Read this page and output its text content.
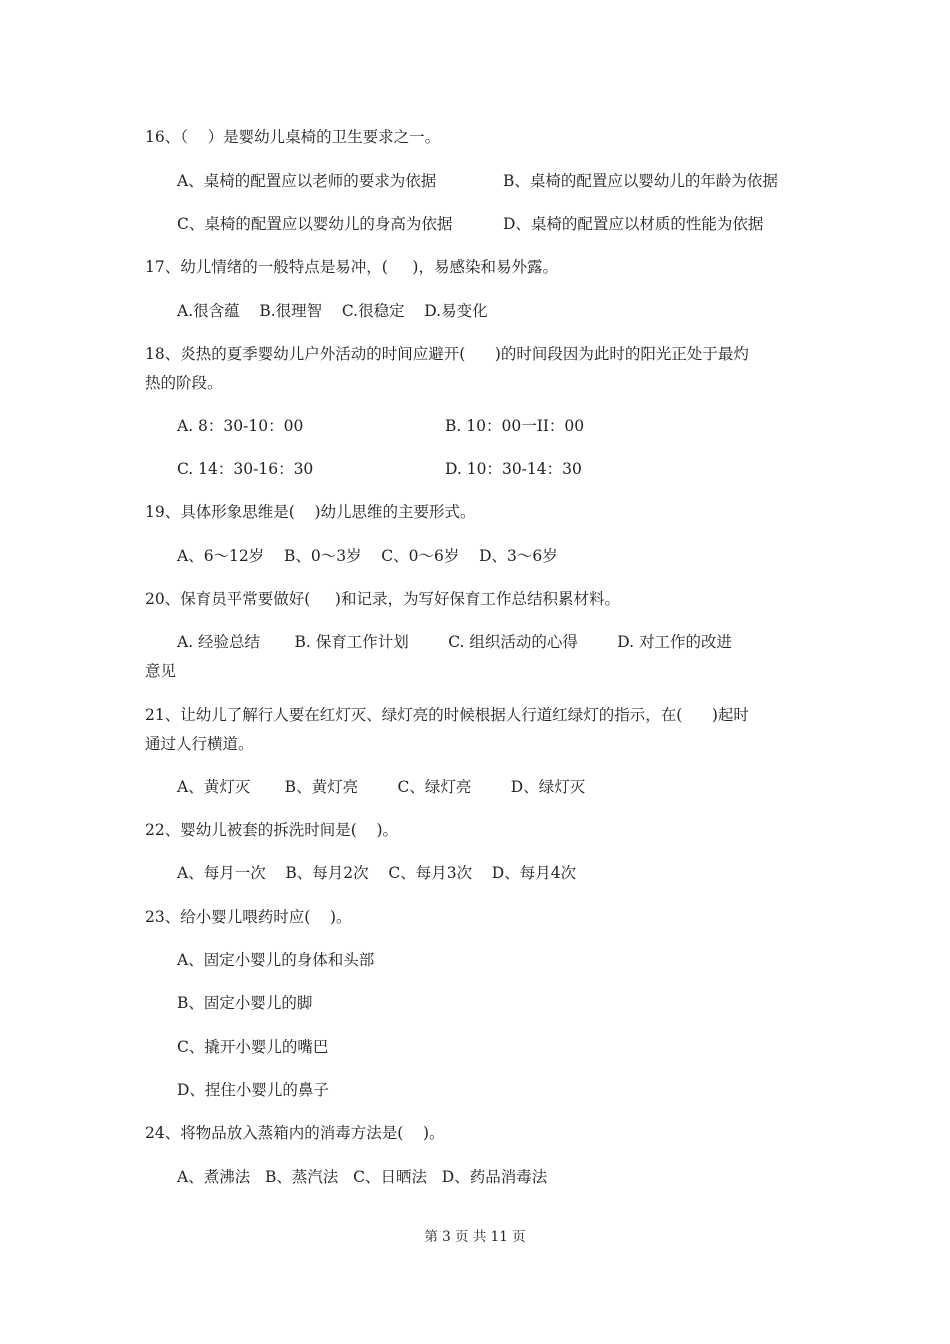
16、（    ）是婴幼儿桌椅的卫生要求之一。
A、桌椅的配置应以老师的要求为依据	B、桌椅的配置应以婴幼儿的年龄为依据
C、桌椅的配置应以婴幼儿的身高为依据	D、桌椅的配置应以材质的性能为依据
17、幼儿情绪的一般特点是易冲，(     )，易感染和易外露。
A.很含蕴    B.很理智    C.很稳定    D.易变化
18、炎热的夏季婴幼儿户外活动的时间应避开(      )的时间段因为此时的阳光正处于最灼
热的阶段。
A. 8：30-10：00	B. 10：00一II：00
C. 14：30-16：30	D. 10：30-14：30
19、具体形象思维是(    )幼儿思维的主要形式。
A、6～12岁    B、0～3岁    C、0～6岁    D、3～6岁
20、保育员平常要做好(     )和记录，为写好保育工作总结积累材料。
A. 经验总结       B. 保育工作计划        C. 组织活动的心得        D. 对工作的改进
意见
21、让幼儿了解行人要在红灯灭、绿灯亮的时候根据人行道红绿灯的指示，在(      )起时
通过人行横道。
A、黄灯灭       B、黄灯亮        C、绿灯亮        D、绿灯灭
22、婴幼儿被套的拆洗时间是(    )。
A、每月一次    B、每月2次    C、每月3次    D、每月4次
23、给小婴儿喂药时应(    )。
A、固定小婴儿的身体和头部
B、固定小婴儿的脚
C、撬开小婴儿的嘴巴
D、捏住小婴儿的鼻子
24、将物品放入蒸箱内的消毒方法是(    )。
A、煮沸法   B、蒸汽法   C、日晒法   D、药品消毒法
第 3 页 共 11 页
